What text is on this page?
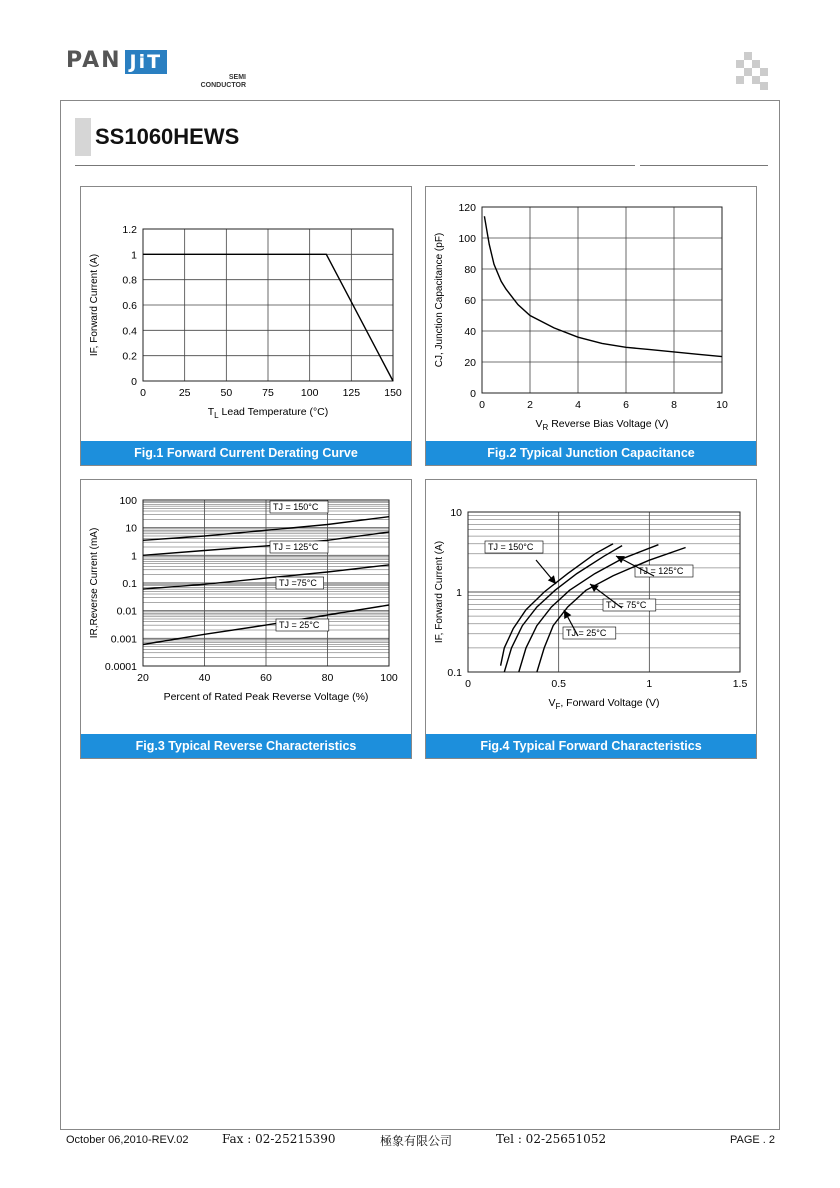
PAN JiT
SEMI
CONDUCTOR
SS1060HEWS
0	25	50	75	100 125 150
0
0.2
0.4
0.6
0.8
1
1.2
$T_L$ Lead Temperature (°C)
IF, Forward Current (A)
Fig.1 Forward Current Derating Curve
0	2	4	6	8	10
0
20
40
60
80
100
120
$V_R$ Reverse Bias Voltage (V)
CJ, Junction Capacitance (pF)
Fig.2 Typical Junction Capacitance
20	40	60	80	100
0.0001
0.001
0.01
0.1
1
10
100
Percent of Rated Peak Reverse Voltage (%)
IR,Reverse Current (mA)
TJ = 150°C
TJ = 125°C
TJ =75°C
TJ = 25°C
Fig.3 Typical Reverse Characteristics
0	0.5	1	1.5
0.1
1
10
$V_F$, Forward Voltage (V)
IF, Forward Current (A)	TJ = 150°C
TJ = 125°C
TJ = 75°C
TJ = 25°C
Fig.4 Typical Forward Characteristics
October 06,2010-REV.02	Fax : 02-25215390	極象有限公司	Tel : 02-25651052	PAGE . 2
